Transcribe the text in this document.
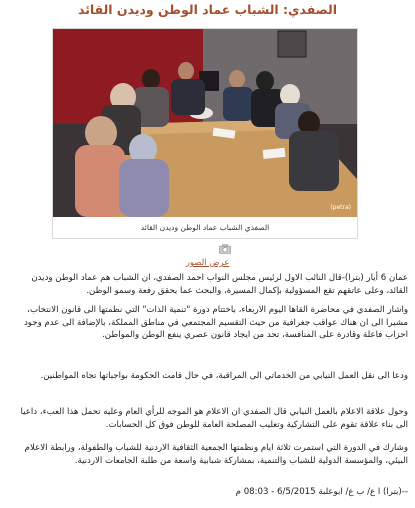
الصفدي: الشباب عماد الوطن وديدن القائد
(petra)
الصفدي الشباب عماد الوطن وديدن القائد
عرض الصور
عمان 6 أيار (بترا)-قال النائب الاول لرئيس مجلس النواب احمد الصفدي، ان الشباب هم عماد الوطن وديدن القائد، وعلى عاتقهم تقع المسؤولية بإكمال المسيرة، والبحث عما يحقق رفعة وسمو الوطن.
واشار الصفدي في محاضرة القاها اليوم الاربعاء، باختتام دورة "تنمية الذات" التي نظمتها الى قانون الانتخاب، مشيرا الى ان هناك عواقب جغرافية من حيث التقسيم المجتمعي في مناطق المملكة، بالإضافة الى عدم وجود احزاب فاعلة وقادرة على المنافسة، تحد من ايجاد قانون عصري ينفع الوطن والمواطن.
ودعا الى نقل العمل النيابي من الخدماتي الى المراقبة، في حال قامت الحكومة بواجباتها تجاه المواطنين.
وحول علاقة الاعلام بالعمل النيابي قال الصفدي ان الاعلام هو الموجه للرأي العام وعليه تحمل هذا العبء، داعيا الى بناء علاقة تقوم على التشاركية وتغليب المصلحة العامة للوطن فوق كل الحسابات.
وشارك في الدورة التي استمرت ثلاثة ايام ونظمتها الجمعية الثقافية الاردنية للشباب والطفولة، ورابطة الاعلام البيئي، والمؤسسة الدولية للشباب والتنمية، بمشاركة شبابية واسعة من طلبة الجامعات الاردنية.
--(بترا) ا ع/ ب ع/ ابوعلبة 6/5/2015 - 08:03 م
